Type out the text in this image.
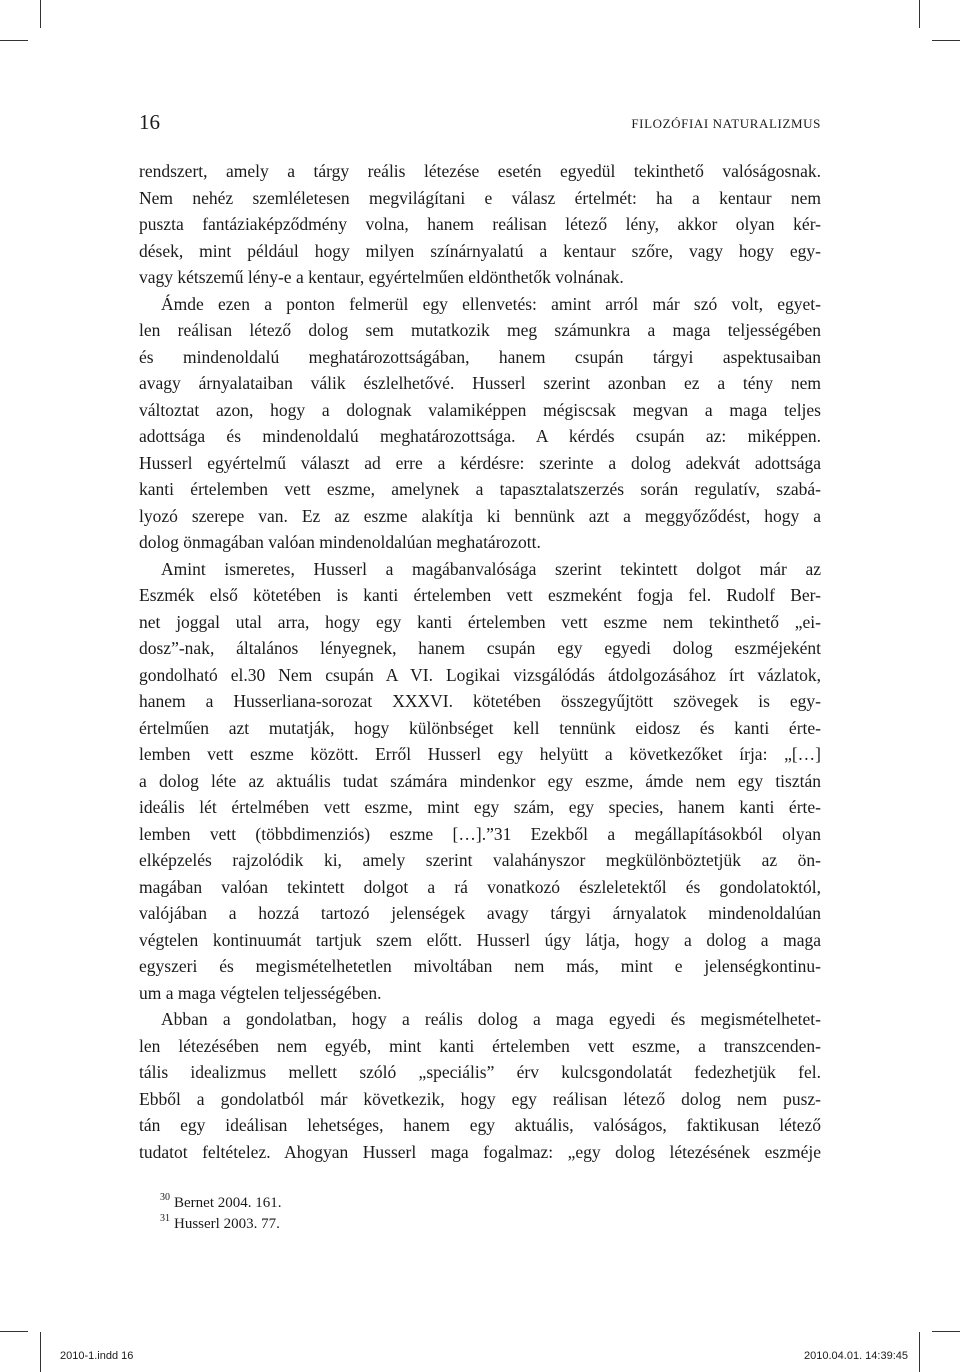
16	FILOZÓFIAI NATURALIZMUS
rendszert, amely a tárgy reális létezése esetén egyedül tekinthető valóságosnak.
Nem nehéz szemléletesen megvilágítani e válasz értelmét: ha a kentaur nem
puszta fantáziaképződmény volna, hanem reálisan létező lény, akkor olyan kér-
dések, mint például hogy milyen színárnyalatú a kentaur szőre, vagy hogy egy-
vagy kétszemű lény-e a kentaur, egyértelműen eldönthetők volnának.
Ámde ezen a ponton felmerül egy ellenvetés: amint arról már szó volt, egyet-
len reálisan létező dolog sem mutatkozik meg számunkra a maga teljességében
és mindenoldalú meghatározottságában, hanem csupán tárgyi aspektusaiban
avagy árnyalataiban válik észlelhetővé. Husserl szerint azonban ez a tény nem
változtat azon, hogy a dolognak valamiképpen mégiscsak megvan a maga teljes
adottsága és mindenoldalú meghatározottsága. A kérdés csupán az: miképpen.
Husserl egyértelmű választ ad erre a kérdésre: szerinte a dolog adekvát adottsága
kanti értelemben vett eszme, amelynek a tapasztalatszerzés során regulatív, szabá-
lyozó szerepe van. Ez az eszme alakítja ki bennünk azt a meggyőződést, hogy a
dolog önmagában valóan mindenoldalúan meghatározott.
Amint ismeretes, Husserl a magábanvalósága szerint tekintett dolgot már az
Eszmék első kötetében is kanti értelemben vett eszmeként fogja fel. Rudolf Ber-
net joggal utal arra, hogy egy kanti értelemben vett eszme nem tekinthető „ei-
dosz”-nak, általános lényegnek, hanem csupán egy egyedi dolog eszméjeként
gondolható el.30 Nem csupán A VI. Logikai vizsgálódás átdolgozásához írt vázlatok,
hanem a Husserliana-sorozat XXXVI. kötetében összegyűjtött szövegek is egy-
értelműen azt mutatják, hogy különbséget kell tennünk eidosz és kanti érte-
lemben vett eszme között. Erről Husserl egy helyütt a következőket írja: „[…]
a dolog léte az aktuális tudat számára mindenkor egy eszme, ámde nem egy tisztán
ideális lét értelmében vett eszme, mint egy szám, egy species, hanem kanti érte-
lemben vett (többdimenziós) eszme […].”31 Ezekből a megállapításokból olyan
elképzelés rajzolódik ki, amely szerint valahányszor megkülönböztetjük az ön-
magában valóan tekintett dolgot a rá vonatkozó észleletektől és gondolatoktól,
valójában a hozzá tartozó jelenségek avagy tárgyi árnyalatok mindenoldalúan
végtelen kontinuumát tartjuk szem előtt. Husserl úgy látja, hogy a dolog a maga
egyszeri és megismételhetetlen mivoltában nem más, mint e jelenségkontinu-
um a maga végtelen teljességében.
Abban a gondolatban, hogy a reális dolog a maga egyedi és megismételhetet-
len létezésében nem egyéb, mint kanti értelemben vett eszme, a transzcenden-
tális idealizmus mellett szóló „speciális” érv kulcsgondolatát fedezhetjük fel.
Ebből a gondolatból már következik, hogy egy reálisan létező dolog nem pusz-
tán egy ideálisan lehetséges, hanem egy aktuális, valóságos, faktikusan létező
tudatot feltételez. Ahogyan Husserl maga fogalmaz: „egy dolog létezésének eszméje
$^{30}$ Bernet 2004. 161.
$^{31}$ Husserl 2003. 77.
2010-1.indd 16	2010.04.01. 14:39:45
